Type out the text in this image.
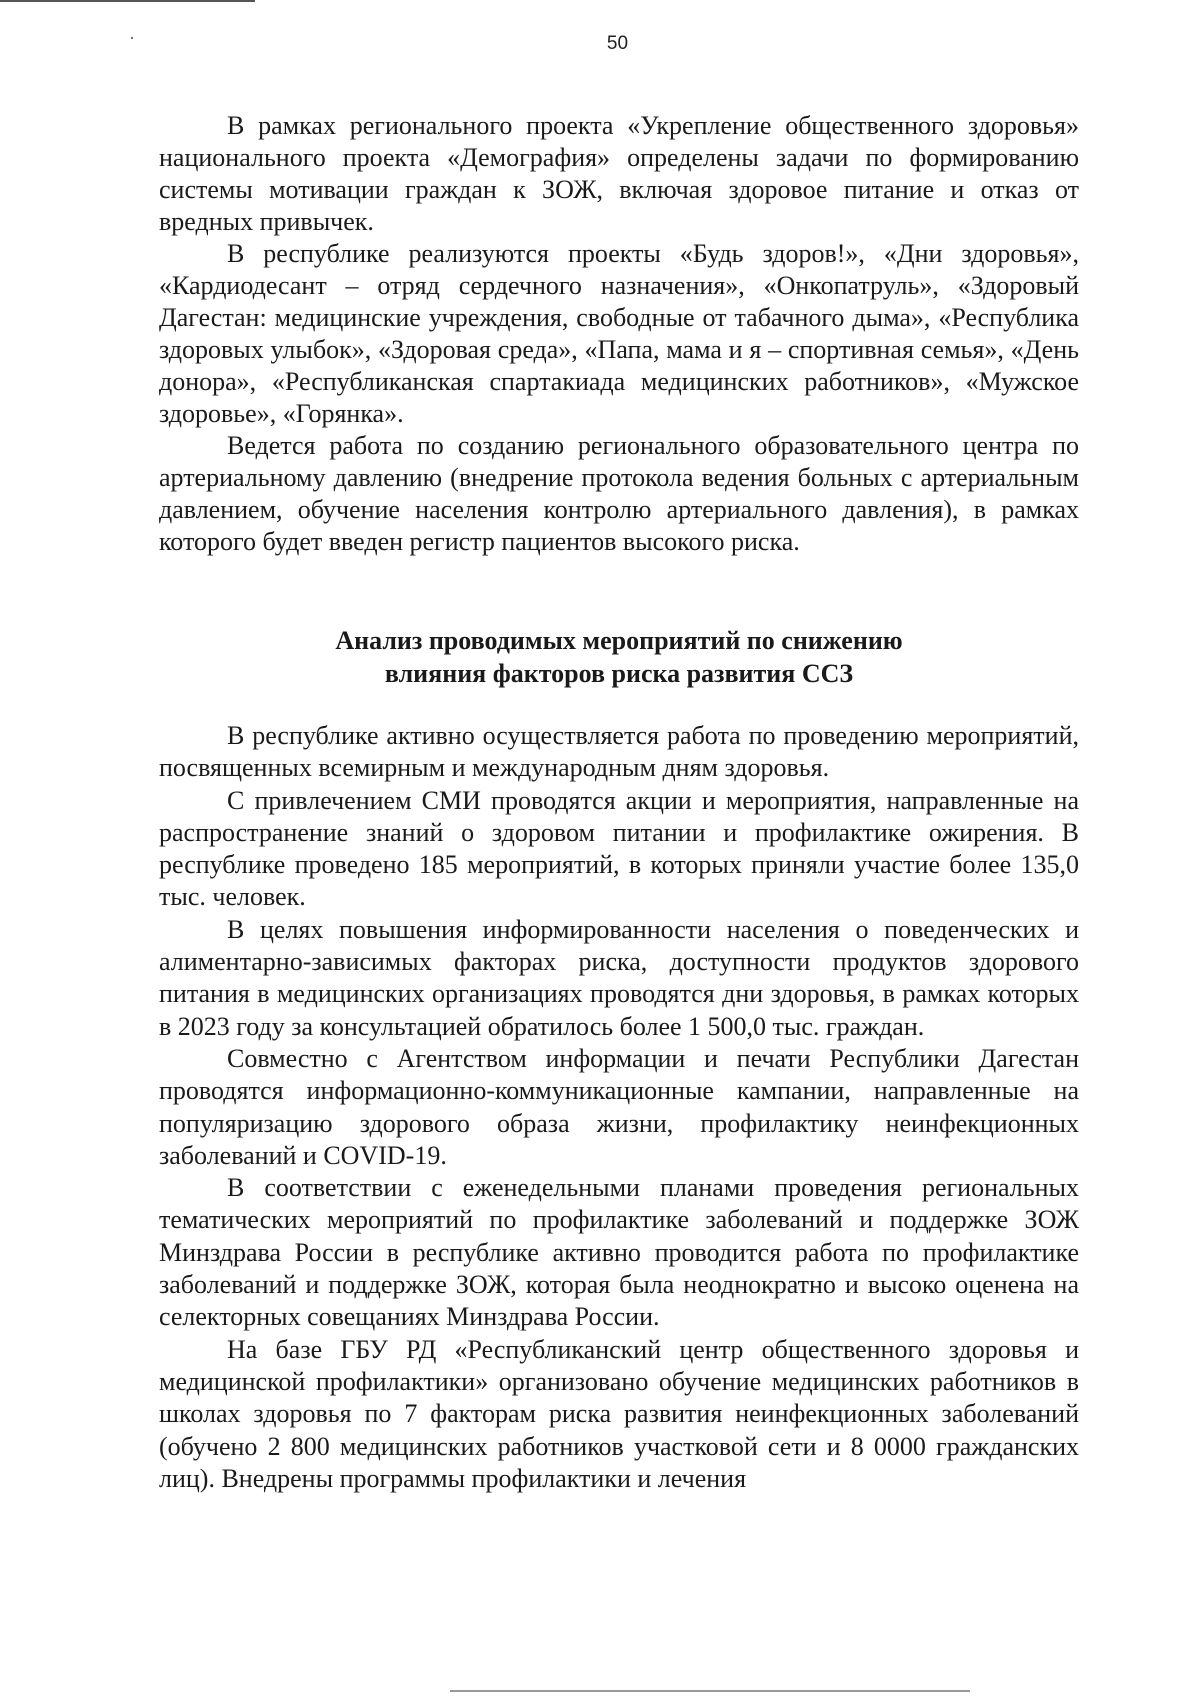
50

В рамках регионального проекта «Укрепление общественного здоровья» национального проекта «Демография» определены задачи по формированию системы мотивации граждан к ЗОЖ, включая здоровое питание и отказ от вредных привычек.

В республике реализуются проекты «Будь здоров!», «Дни здоровья», «Кардиодесант – отряд сердечного назначения», «Онкопатруль», «Здоровый Дагестан: медицинские учреждения, свободные от табачного дыма», «Республика здоровых улыбок», «Здоровая среда», «Папа, мама и я – спортивная семья», «День донора», «Республиканская спартакиада медицинских работников», «Мужское здоровье», «Горянка».

Ведется работа по созданию регионального образовательного центра по артериальному давлению (внедрение протокола ведения больных с артериальным давлением, обучение населения контролю артериального давления), в рамках которого будет введен регистр пациентов высокого риска.

Анализ проводимых мероприятий по снижению
влияния факторов риска развития ССЗ

В республике активно осуществляется работа по проведению мероприятий, посвященных всемирным и международным дням здоровья.

С привлечением СМИ проводятся акции и мероприятия, направленные на распространение знаний о здоровом питании и профилактике ожирения. В республике проведено 185 мероприятий, в которых приняли участие более 135,0 тыс. человек.

В целях повышения информированности населения о поведенческих и алиментарно-зависимых факторах риска, доступности продуктов здорового питания в медицинских организациях проводятся дни здоровья, в рамках которых в 2023 году за консультацией обратилось более 1 500,0 тыс. граждан.

Совместно с Агентством информации и печати Республики Дагестан проводятся информационно-коммуникационные кампании, направленные на популяризацию здорового образа жизни, профилактику неинфекционных заболеваний и COVID-19.

В соответствии с еженедельными планами проведения региональных тематических мероприятий по профилактике заболеваний и поддержке ЗОЖ Минздрава России в республике активно проводится работа по профилактике заболеваний и поддержке ЗОЖ, которая была неоднократно и высоко оценена на селекторных совещаниях Минздрава России.

На базе ГБУ РД «Республиканский центр общественного здоровья и медицинской профилактики» организовано обучение медицинских работников в школах здоровья по 7 факторам риска развития неинфекционных заболеваний (обучено 2 800 медицинских работников участковой сети и 8 0000 гражданских лиц). Внедрены программы профилактики и лечения
